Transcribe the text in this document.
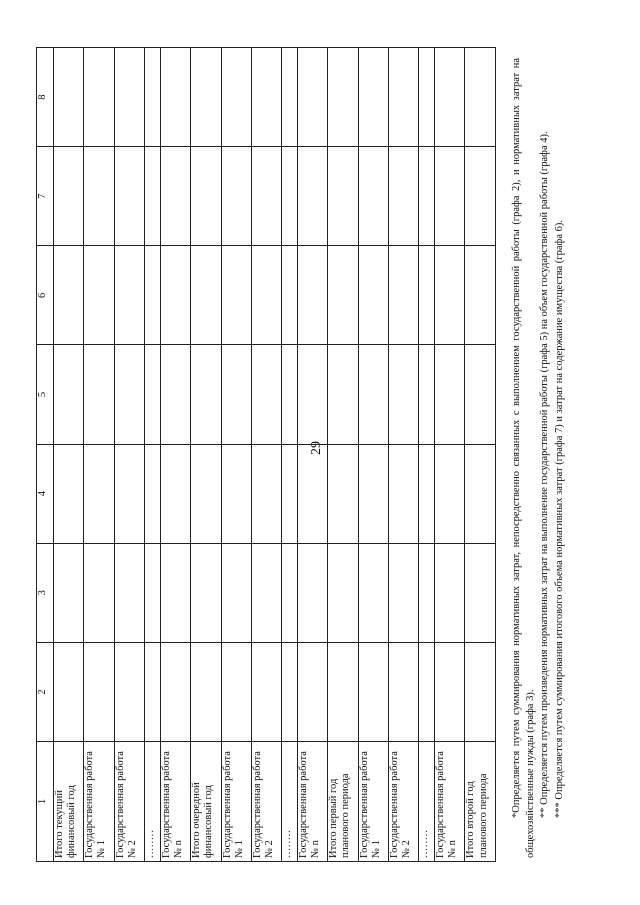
29
1	2	3	4	5	6	7	8
Итого текущий финансовый год							
Государственная работа № 1							
Государственная работа № 2							
........							
Государственная работа № n							
Итого очередной финансовый год							
Государственная работа № 1							
Государственная работа № 2							
........							
Государственная работа № n							
Итого первый год планового периода							
Государственная работа № 1							
Государственная работа № 2							
........							
Государственная работа № n							
Итого второй год планового периода							*Определяется путем суммирования нормативных затрат, непосредственно связанных с выполнением государственной работы (графа 2), и нормативных затрат на общехозяйственные нужды (графа 3). ** Определяется путем произведения нормативных затрат на выполнение государственной работы (графа 5) на объем государственной работы (графа 4). *** Определяется путем суммирования итогового объема нормативных затрат (графа 7) и затрат на содержание имущества (графа 6).
